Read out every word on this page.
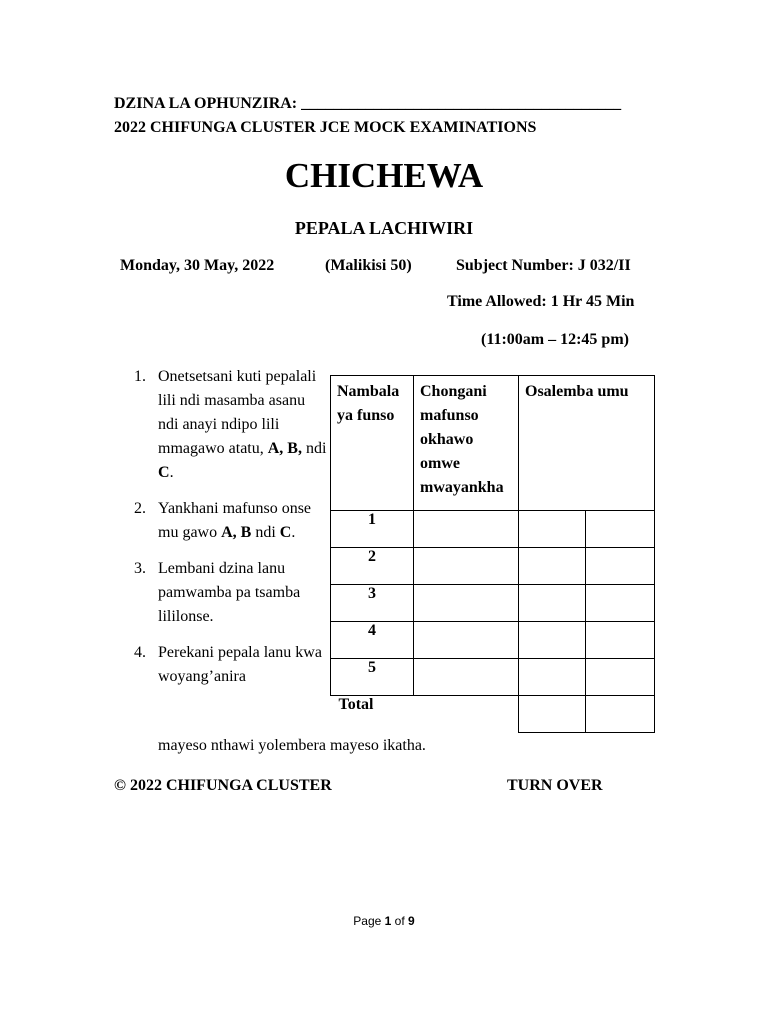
DZINA LA OPHUNZIRA: ________________________________________
2022 CHIFUNGA CLUSTER JCE MOCK EXAMINATIONS
CHICHEWA
PEPALA LACHIWIRI
Monday, 30 May, 2022	(Malikisi 50)	Subject Number: J 032/II
Time Allowed: 1 Hr 45 Min
(11:00am – 12:45 pm)
1. Onetsetsani kuti pepalali lili ndi masamba asanu ndi anayi ndipo lili mmagawo atatu, A, B, ndi C.
2. Yankhani mafunso onse mu gawo A, B ndi C.
3. Lembani dzina lanu pamwamba pa tsamba lililonse.
4. Perekani pepala lanu kwa woyang’anira
mayeso nthawi yolembera mayeso ikatha.
Nambala ya funso	Chongani mafunso okhawo omwe mwayankha	Osalemba umu	
1			
2			
3			
4			
5			
Total			
© 2022 CHIFUNGA CLUSTER	TURN OVER
Page 1 of 9
